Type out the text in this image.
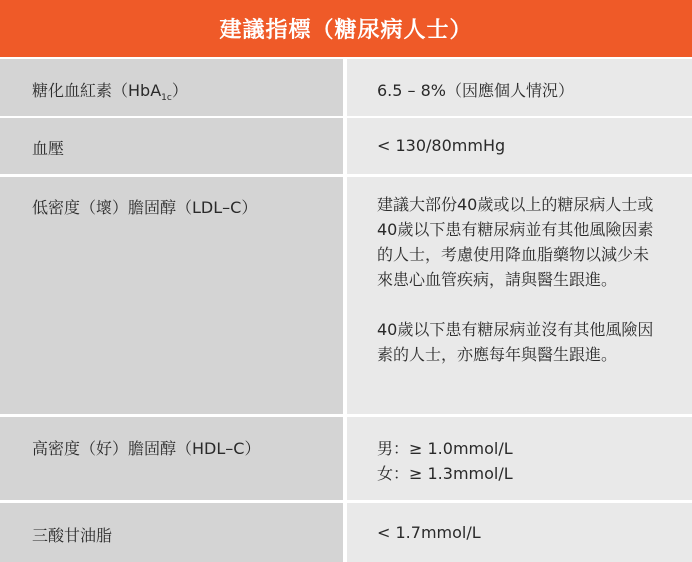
建議指標（糖尿病人士）
糖化血紅素（HbA$_{1c}$）	6.5 – 8%（因應個人情況）
血壓	< 130/80mmHg
低密度（壞）膽固醇（LDL–C）	建議大部份40歲或以上的糖尿病人士或40歲以下患有糖尿病並有其他風險因素的人士，考慮使用降血脂藥物以減少未來患心血管疾病，請與醫生跟進。
40歲以下患有糖尿病並沒有其他風險因素的人士，亦應每年與醫生跟進。
高密度（好）膽固醇（HDL–C）	男：≥ 1.0mmol/L
女：≥ 1.3mmol/L
三酸甘油脂	< 1.7mmol/L
